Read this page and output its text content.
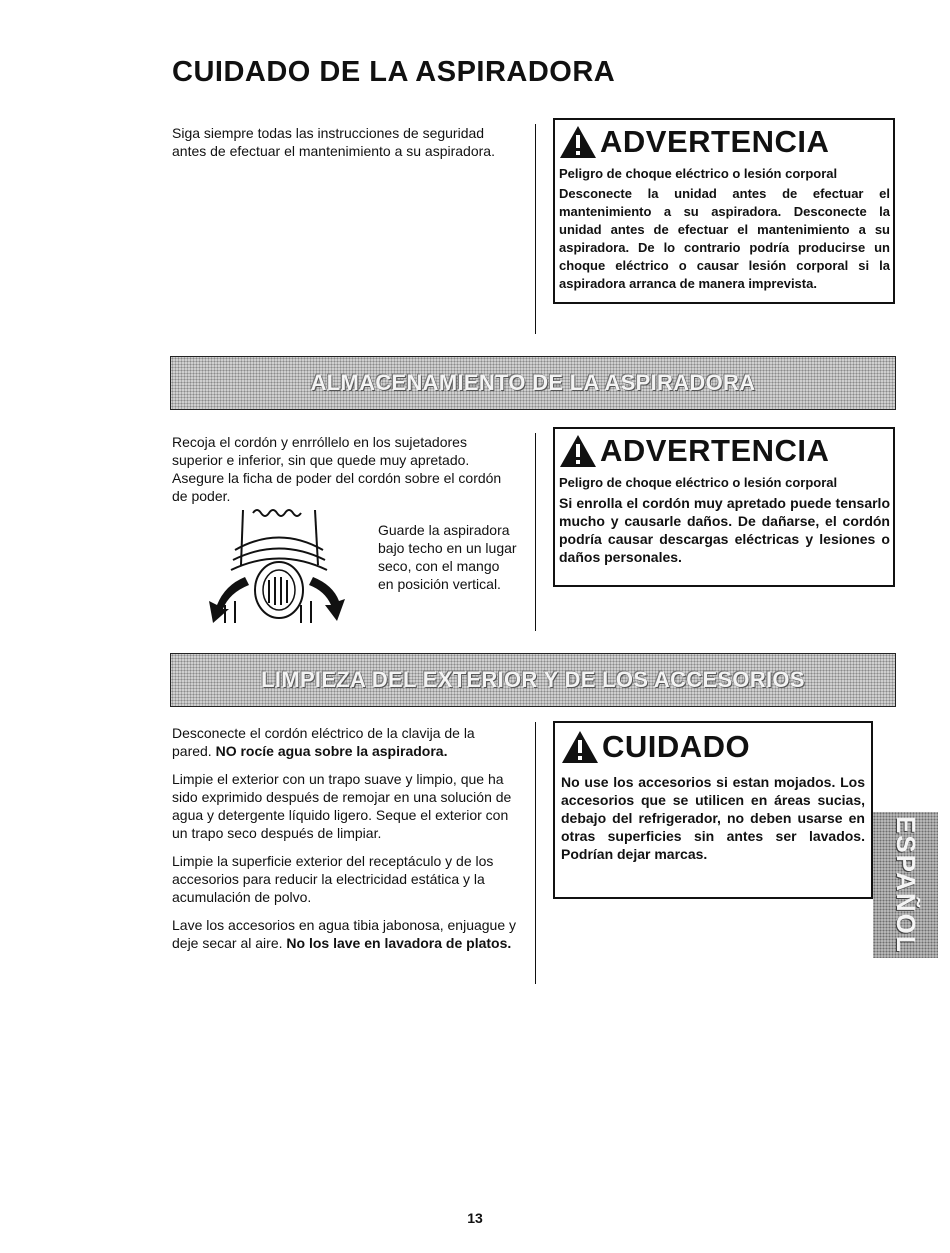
CUIDADO DE LA ASPIRADORA

Siga siempre todas las instrucciones de seguridad antes de efectuar el mantenimiento a su aspiradora.	ADVERTENCIA
Peligro de choque eléctrico o lesión corporal
Desconecte la unidad antes de efectuar el mantenimiento a su aspiradora. Desconecte la unidad antes de efectuar el mantenimiento a su aspiradora. De lo contrario podría producirse un choque eléctrico o causar lesión corporal si la aspiradora arranca de manera imprevista.
ALMACENAMIENTO DE LA ASPIRADORA

Recoja el cordón y enrróllelo en los sujetadores superior e inferior, sin que quede muy apretado. Asegure la ficha de poder del cordón sobre el cordón de poder.

Guarde la aspiradora bajo techo en un lugar seco, con el mango en posición vertical.

ADVERTENCIA
Peligro de choque eléctrico o lesión corporal
Si enrolla el cordón muy apretado puede tensarlo mucho y causarle daños. De dañarse, el cordón podría causar descargas eléctricas y lesiones o daños personales.
LIMPIEZA DEL EXTERIOR Y DE LOS ACCESORIOS

Desconecte el cordón eléctrico de la clavija de la pared. NO rocíe agua sobre la aspiradora.

Limpie el exterior con un trapo suave y limpio, que ha sido exprimido después de remojar en una solución de agua y detergente líquido ligero. Seque el exterior con un trapo seco después de limpiar.

Limpie la superficie exterior del receptáculo y de los accesorios para reducir la electricidad estática y la acumulación de polvo.

Lave los accesorios en agua tibia jabonosa, enjuague y deje secar al aire. No los lave en lavadora de platos.

CUIDADO
No use los accesorios si estan mojados. Los accesorios que se utilicen en áreas sucias, debajo del refrigerador, no deben usarse en otras superficies sin antes ser lavados. Podrían dejar marcas.	ESPAÑOL
13
